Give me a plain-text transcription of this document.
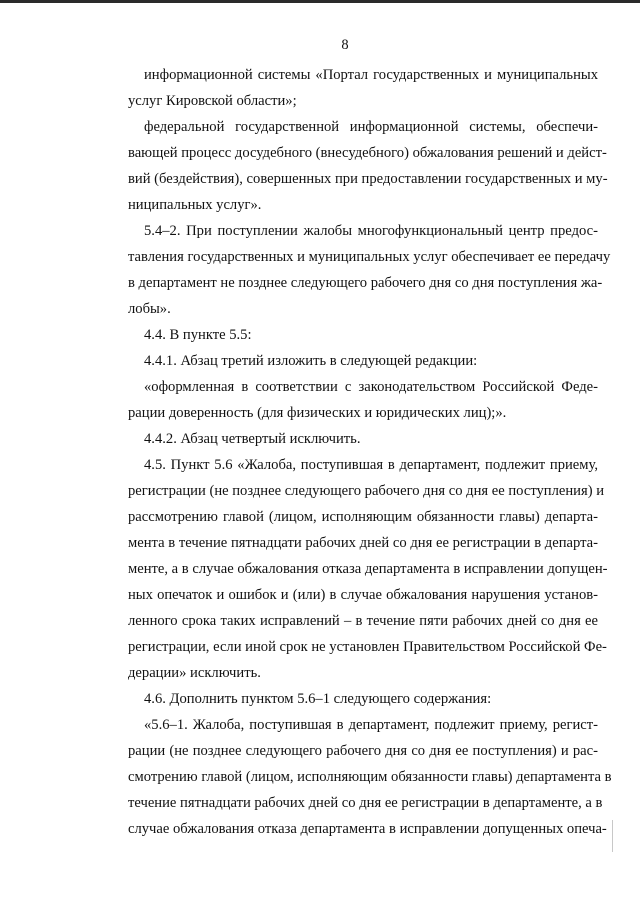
8
информационной системы «Портал государственных и муниципальных
услуг Кировской области»;
федеральной государственной информационной системы, обеспечи-
вающей процесс досудебного (внесудебного) обжалования решений и дейст-
вий (бездействия), совершенных при предоставлении государственных и му-
ниципальных услуг».
5.4–2. При поступлении жалобы многофункциональный центр предос-
тавления государственных и муниципальных услуг обеспечивает ее передачу
в департамент не позднее следующего рабочего дня со дня поступления жа-
лобы».
4.4. В пункте 5.5:
4.4.1. Абзац третий изложить в следующей редакции:
«оформленная в соответствии с законодательством Российской Феде-
рации доверенность (для физических и юридических лиц);».
4.4.2. Абзац четвертый исключить.
4.5. Пункт 5.6 «Жалоба, поступившая в департамент, подлежит приему,
регистрации (не позднее следующего рабочего дня со дня ее поступления) и
рассмотрению главой (лицом, исполняющим обязанности главы) департа-
мента в течение пятнадцати рабочих дней со дня ее регистрации в департа-
менте, а в случае обжалования отказа департамента в исправлении допущен-
ных опечаток и ошибок и (или) в случае обжалования нарушения установ-
ленного срока таких исправлений – в течение пяти рабочих дней со дня ее
регистрации, если иной срок не установлен Правительством Российской Фе-
дерации» исключить.
4.6. Дополнить пунктом 5.6–1 следующего содержания:
«5.6–1. Жалоба, поступившая в департамент, подлежит приему, регист-
рации (не позднее следующего рабочего дня со дня ее поступления) и рас-
смотрению главой (лицом, исполняющим обязанности главы) департамента в
течение пятнадцати рабочих дней со дня ее регистрации в департаменте, а в
случае обжалования отказа департамента в исправлении допущенных опеча-
